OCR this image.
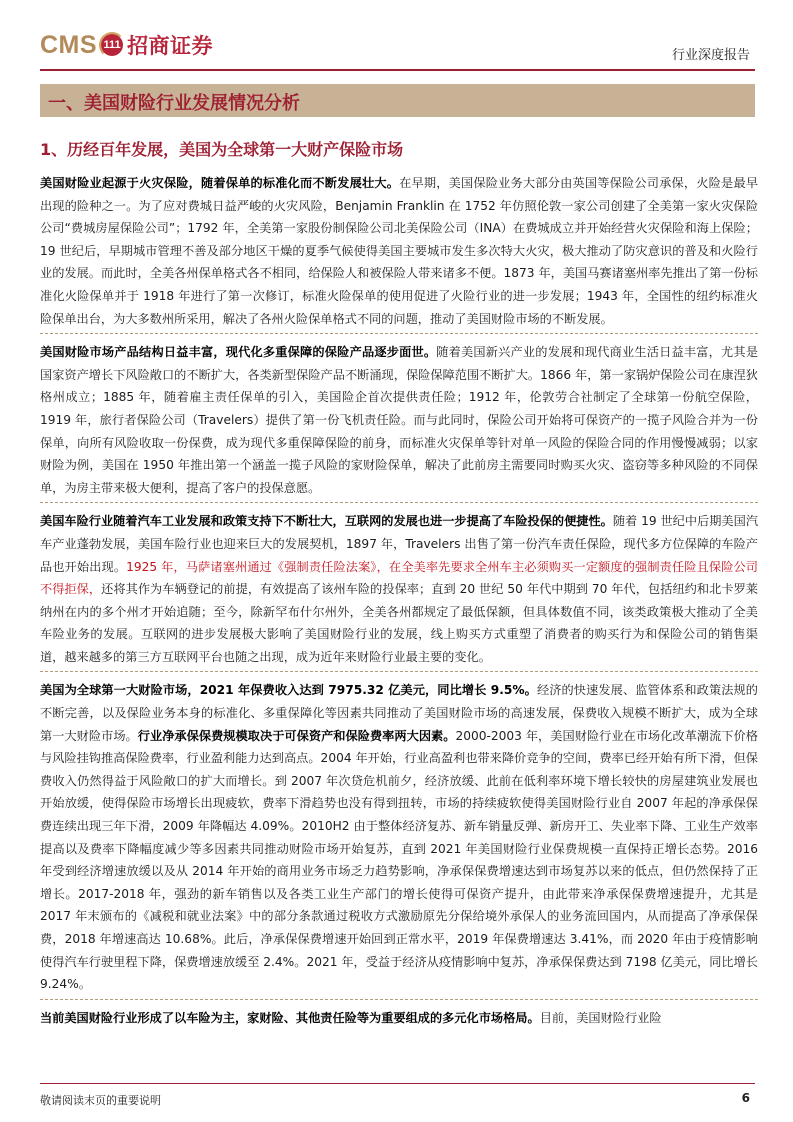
CMS 111 招商证券	行业深度报告
一、美国财险行业发展情况分析
1、历经百年发展，美国为全球第一大财产保险市场

美国财险业起源于火灾保险，随着保单的标准化而不断发展壮大。在早期，美国保险业务大部分由英国等保险公司承保，火险是最早出现的险种之一。为了应对费城日益严峻的火灾风险，Benjamin Franklin 在 1752 年仿照伦敦一家公司创建了全美第一家火灾保险公司“费城房屋保险公司”；1792 年，全美第一家股份制保险公司北美保险公司（INA）在费城成立并开始经营火灾保险和海上保险；19 世纪后，早期城市管理不善及部分地区干燥的夏季气候使得美国主要城市发生多次特大火灾，极大推动了防灾意识的普及和火险行业的发展。而此时，全美各州保单格式各不相同，给保险人和被保险人带来诸多不便。1873 年，美国马赛诸塞州率先推出了第一份标准化火险保单并于 1918 年进行了第一次修订，标准火险保单的使用促进了火险行业的进一步发展；1943 年，全国性的纽约标准火险保单出台，为大多数州所采用，解决了各州火险保单格式不同的问题，推动了美国财险市场的不断发展。

美国财险市场产品结构日益丰富，现代化多重保障的保险产品逐步面世。随着美国新兴产业的发展和现代商业生活日益丰富，尤其是国家资产增长下风险敞口的不断扩大，各类新型保险产品不断涌现，保险保障范围不断扩大。1866 年，第一家锅炉保险公司在康涅狄格州成立；1885 年，随着雇主责任保单的引入，美国险企首次提供责任险；1912 年，伦敦劳合社制定了全球第一份航空保险，1919 年，旅行者保险公司（Travelers）提供了第一份飞机责任险。而与此同时，保险公司开始将可保资产的一揽子风险合并为一份保单，向所有风险收取一份保费，成为现代多重保障保险的前身，而标准火灾保单等针对单一风险的保险合同的作用慢慢减弱；以家财险为例，美国在 1950 年推出第一个涵盖一揽子风险的家财险保单，解决了此前房主需要同时购买火灾、盗窃等多种风险的不同保单，为房主带来极大便利，提高了客户的投保意愿。

美国车险行业随着汽车工业发展和政策支持下不断壮大，互联网的发展也进一步提高了车险投保的便捷性。随着 19 世纪中后期美国汽车产业蓬勃发展，美国车险行业也迎来巨大的发展契机，1897 年，Travelers 出售了第一份汽车责任保险，现代多方位保障的车险产品也开始出现。1925 年，马萨诸塞州通过《强制责任险法案》，在全美率先要求全州车主必须购买一定额度的强制责任险且保险公司不得拒保，还将其作为车辆登记的前提，有效提高了该州车险的投保率；直到 20 世纪 50 年代中期到 70 年代，包括纽约和北卡罗莱纳州在内的多个州才开始追随；至今，除新罕布什尔州外，全美各州都规定了最低保额，但具体数值不同，该类政策极大推动了全美车险业务的发展。互联网的进步发展极大影响了美国财险行业的发展，线上购买方式重塑了消费者的购买行为和保险公司的销售渠道，越来越多的第三方互联网平台也随之出现，成为近年来财险行业最主要的变化。

美国为全球第一大财险市场，2021 年保费收入达到 7975.32 亿美元，同比增长 9.5%。经济的快速发展、监管体系和政策法规的不断完善，以及保险业务本身的标准化、多重保障化等因素共同推动了美国财险市场的高速发展，保费收入规模不断扩大，成为全球第一大财险市场。行业净承保保费规模取决于可保资产和保险费率两大因素。2000-2003 年，美国财险行业在市场化改革潮流下价格与风险挂钩推高保险费率，行业盈利能力达到高点。2004 年开始，行业高盈利也带来降价竞争的空间，费率已经开始有所下滑，但保费收入仍然得益于风险敞口的扩大而增长。到 2007 年次贷危机前夕，经济放缓、此前在低利率环境下增长较快的房屋建筑业发展也开始放缓，使得保险市场增长出现疲软，费率下滑趋势也没有得到扭转，市场的持续疲软使得美国财险行业自 2007 年起的净承保保费连续出现三年下滑，2009 年降幅达 4.09%。2010H2 由于整体经济复苏、新车销量反弹、新房开工、失业率下降、工业生产效率提高以及费率下降幅度减少等多因素共同推动财险市场开始复苏，直到 2021 年美国财险行业保费规模一直保持正增长态势。2016 年受到经济增速放缓以及从 2014 年开始的商用业务市场乏力趋势影响，净承保保费增速达到市场复苏以来的低点，但仍然保持了正增长。2017-2018 年，强劲的新车销售以及各类工业生产部门的增长使得可保资产提升，由此带来净承保保费增速提升，尤其是 2017 年末颁布的《减税和就业法案》中的部分条款通过税收方式激励原先分保给境外承保人的业务流回国内，从而提高了净承保保费，2018 年增速高达 10.68%。此后，净承保保费增速开始回到正常水平，2019 年保费增速达 3.41%，而 2020 年由于疫情影响使得汽车行驶里程下降，保费增速放缓至 2.4%。2021 年，受益于经济从疫情影响中复苏，净承保保费达到 7198 亿美元，同比增长 9.24%。

当前美国财险行业形成了以车险为主，家财险、其他责任险等为重要组成的多元化市场格局。目前，美国财险行业险

敬请阅读末页的重要说明	6
